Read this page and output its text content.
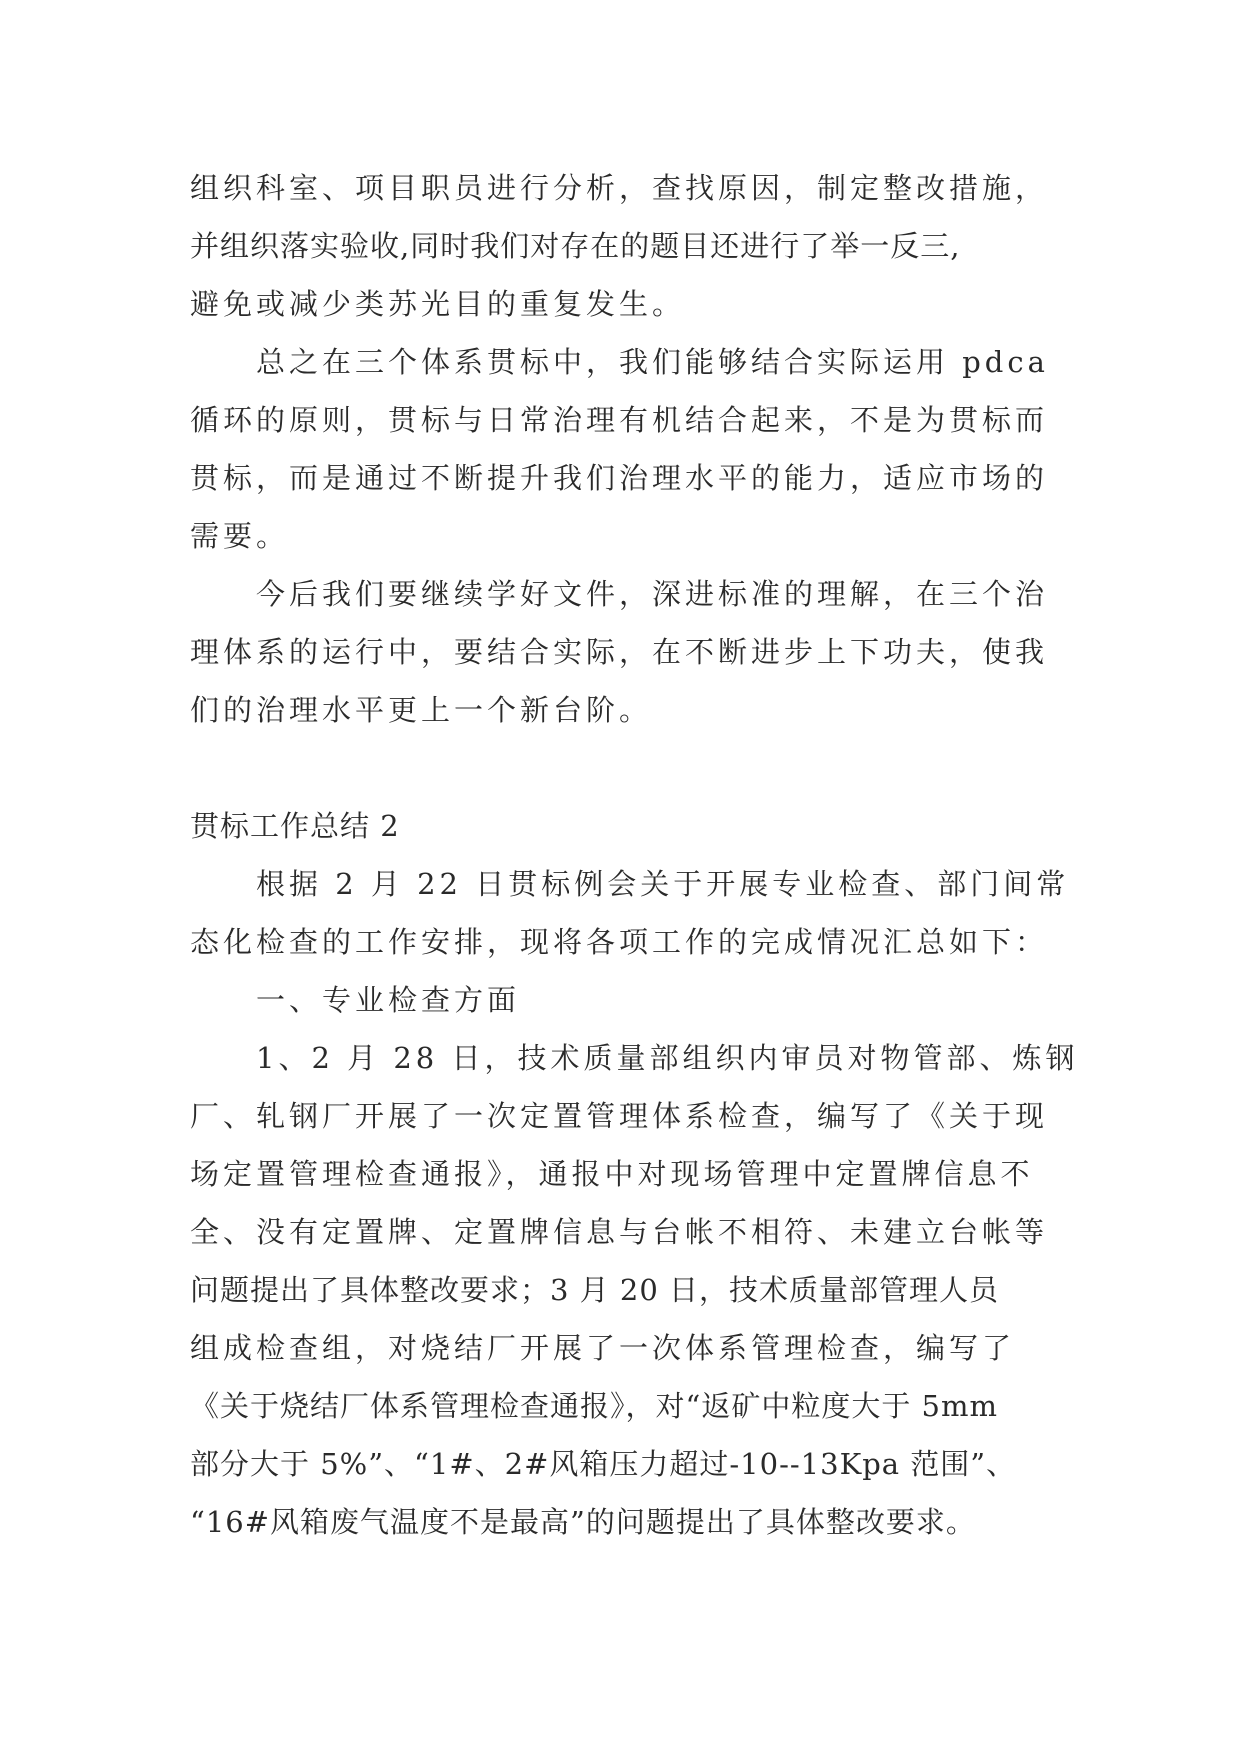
组织科室、项目职员进行分析，查找原因，制定整改措施，

并组织落实验收,同时我们对存在的题目还进行了举一反三,

避免或减少类苏光目的重复发生。

总之在三个体系贯标中，我们能够结合实际运用 pdca

循环的原则，贯标与日常治理有机结合起来，不是为贯标而

贯标，而是通过不断提升我们治理水平的能力，适应市场的

需要。

今后我们要继续学好文件，深进标准的理解，在三个治

理体系的运行中，要结合实际，在不断进步上下功夫，使我

们的治理水平更上一个新台阶。

贯标工作总结 2

根据 2 月 22 日贯标例会关于开展专业检查、部门间常

态化检查的工作安排，现将各项工作的完成情况汇总如下：

一、专业检查方面

1、2 月 28 日，技术质量部组织内审员对物管部、炼钢

厂、轧钢厂开展了一次定置管理体系检查，编写了《关于现

场定置管理检查通报》，通报中对现场管理中定置牌信息不

全、没有定置牌、定置牌信息与台帐不相符、未建立台帐等

问题提出了具体整改要求；3 月 20 日，技术质量部管理人员

组成检查组，对烧结厂开展了一次体系管理检查，编写了

《关于烧结厂体系管理检查通报》，对“返矿中粒度大于 5mm

部分大于 5%”、“1#、2#风箱压力超过-10--13Kpa 范围”、

“16#风箱废气温度不是最高”的问题提出了具体整改要求。
